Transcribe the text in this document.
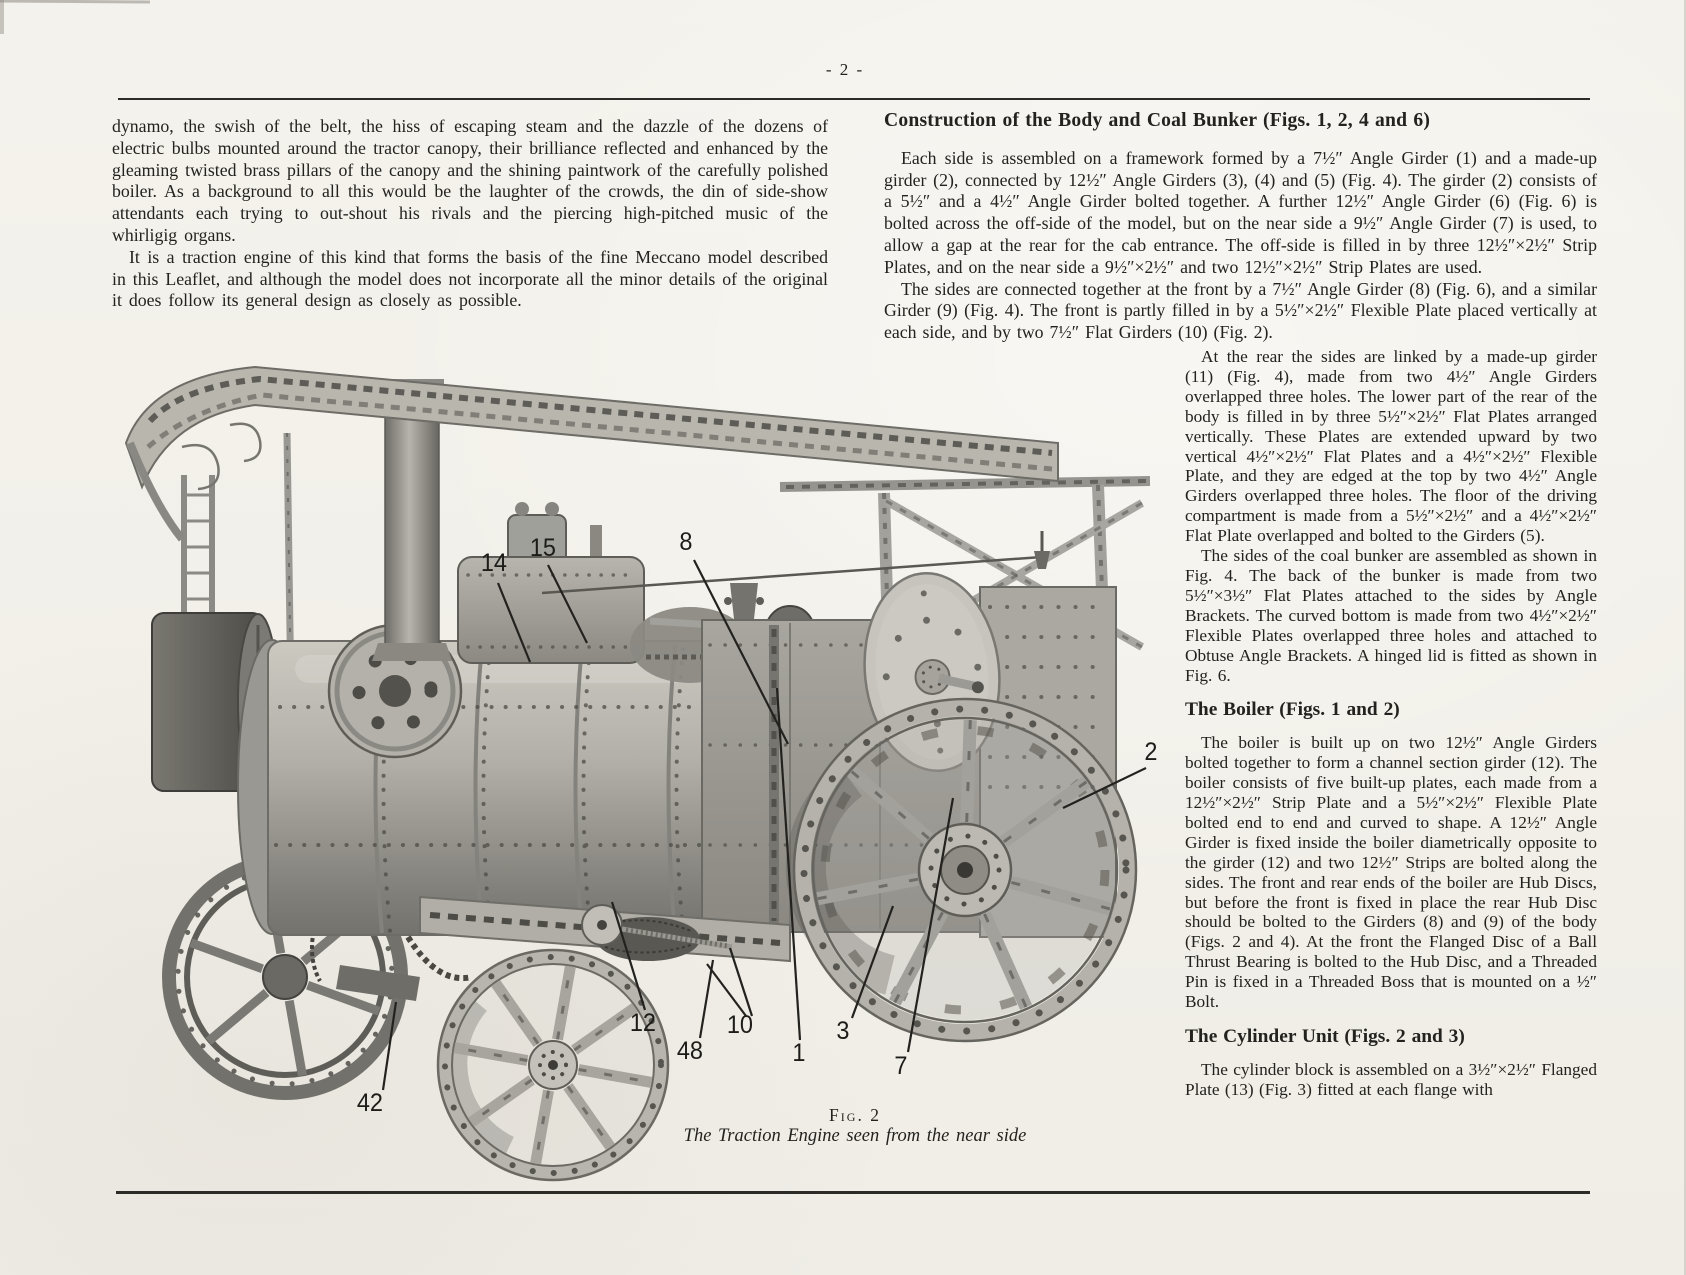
- 2 -

dynamo, the swish of the belt, the hiss of escaping steam and the dazzle of the dozens of electric bulbs mounted around the tractor canopy, their brilliance reflected and enhanced by the gleaming twisted brass pillars of the canopy and the shining paintwork of the carefully polished boiler. As a background to all this would be the laughter of the crowds, the din of side-show attendants each trying to out-shout his rivals and the piercing high-pitched music of the whirligig organs.

It is a traction engine of this kind that forms the basis of the fine Meccano model described in this Leaflet, and although the model does not incorporate all the minor details of the original it does follow its general design as closely as possible.

Construction of the Body and Coal Bunker (Figs. 1, 2, 4 and 6)

Each side is assembled on a framework formed by a 7½″ Angle Girder (1) and a made-up girder (2), connected by 12½″ Angle Girders (3), (4) and (5) (Fig. 4). The girder (2) consists of a 5½″ and a 4½″ Angle Girder bolted together. A further 12½″ Angle Girder (6) (Fig. 6) is bolted across the off-side of the model, but on the near side a 9½″ Angle Girder (7) is used, to allow a gap at the rear for the cab entrance. The off-side is filled in by three 12½″×2½″ Strip Plates, and on the near side a 9½″×2½″ and two 12½″×2½″ Strip Plates are used.

The sides are connected together at the front by a 7½″ Angle Girder (8) (Fig. 6), and a similar Girder (9) (Fig. 4). The front is partly filled in by a 5½″×2½″ Flexible Plate placed vertically at each side, and by two 7½″ Flat Girders (10) (Fig. 2).

At the rear the sides are linked by a made-up girder (11) (Fig. 4), made from two 4½″ Angle Girders overlapped three holes. The lower part of the rear of the body is filled in by three 5½″×2½″ Flat Plates arranged vertically. These Plates are extended upward by two vertical 4½″×2½″ Flat Plates and a 4½″×2½″ Flexible Plate, and they are edged at the top by two 4½″ Angle Girders overlapped three holes. The floor of the driving compartment is made from a 5½″×2½″ and a 4½″×2½″ Flat Plate overlapped and bolted to the Girders (5).

The sides of the coal bunker are assembled as shown in Fig. 4. The back of the bunker is made from two 5½″×3½″ Flat Plates attached to the sides by Angle Brackets. The curved bottom is made from two 4½″×2½″ Flexible Plates overlapped three holes and attached to Obtuse Angle Brackets. A hinged lid is fitted as shown in Fig. 6.

The Boiler (Figs. 1 and 2)

The boiler is built up on two 12½″ Angle Girders bolted together to form a channel section girder (12). The boiler consists of five built-up plates, each made from a 12½″×2½″ Strip Plate and a 5½″×2½″ Flexible Plate bolted end to end and curved to shape. A 12½″ Angle Girder is fixed inside the boiler diametrically opposite to the girder (12) and two 12½″ Strips are bolted along the sides. The front and rear ends of the boiler are Hub Discs, but before the front is fixed in place the rear Hub Disc should be bolted to the Girders (8) and (9) of the body (Figs. 2 and 4). At the front the Flanged Disc of a Ball Thrust Bearing is bolted to the Hub Disc, and a Threaded Pin is fixed in a Threaded Boss that is mounted on a ½″ Bolt.

The Cylinder Unit (Figs. 2 and 3)

The cylinder block is assembled on a 3½″×2½″ Flanged Plate (13) (Fig. 3) fitted at each flange with

14
15	8
2
42
12
48
10
1
3
7
Fig. 2
The Traction Engine seen from the near side
